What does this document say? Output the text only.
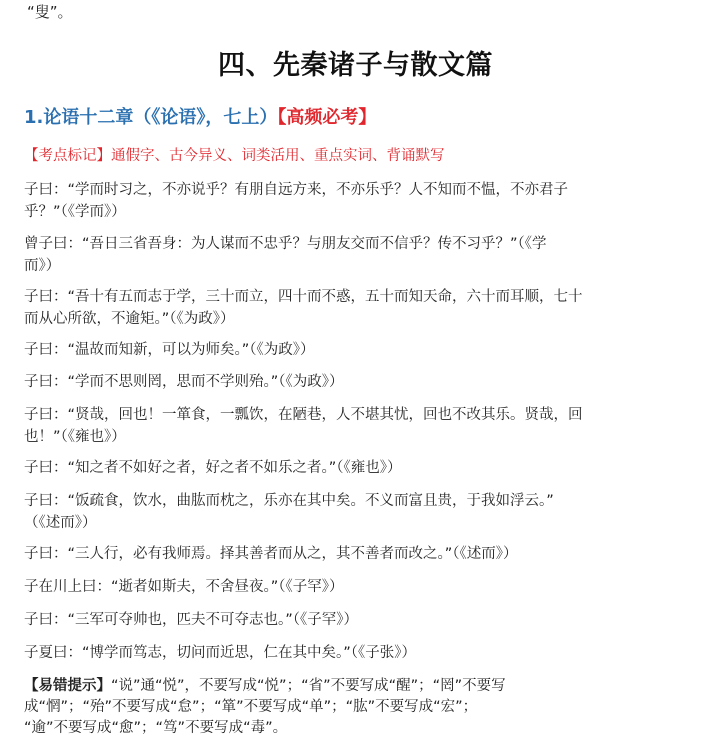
“叟”。
四、先秦诸子与散文篇
1.论语十二章（《论语》，七上）【高频必考】
【考点标记】通假字、古今异义、词类活用、重点实词、背诵默写
子曰：“学而时习之，不亦说乎？有朋自远方来，不亦乐乎？人不知而不愠，不亦君子
乎？”（《学而》）
曾子曰：“吾日三省吾身：为人谋而不忠乎？与朋友交而不信乎？传不习乎？”（《学
而》）
子曰：“吾十有五而志于学，三十而立，四十而不惑，五十而知天命，六十而耳顺，七十
而从心所欲，不逾矩。”（《为政》）
子曰：“温故而知新，可以为师矣。”（《为政》）
子曰：“学而不思则罔，思而不学则殆。”（《为政》）
子曰：“贤哉，回也！一箪食，一瓢饮，在陋巷，人不堪其忧，回也不改其乐。贤哉，回
也！”（《雍也》）
子曰：“知之者不如好之者，好之者不如乐之者。”（《雍也》）
子曰：“饭疏食，饮水，曲肱而枕之，乐亦在其中矣。不义而富且贵，于我如浮云。”
（《述而》）
子曰：“三人行，必有我师焉。择其善者而从之，其不善者而改之。”（《述而》）
子在川上曰：“逝者如斯夫，不舍昼夜。”（《子罕》）
子曰：“三军可夺帅也，匹夫不可夺志也。”（《子罕》）
子夏曰：“博学而笃志，切问而近思，仁在其中矣。”（《子张》）
【易错提示】“说”通“悦”，不要写成“悦”；“省”不要写成“醒”；“罔”不要写
成“惘”；“殆”不要写成“怠”；“箪”不要写成“单”；“肱”不要写成“宏”；
“逾”不要写成“愈”；“笃”不要写成“毒”。
